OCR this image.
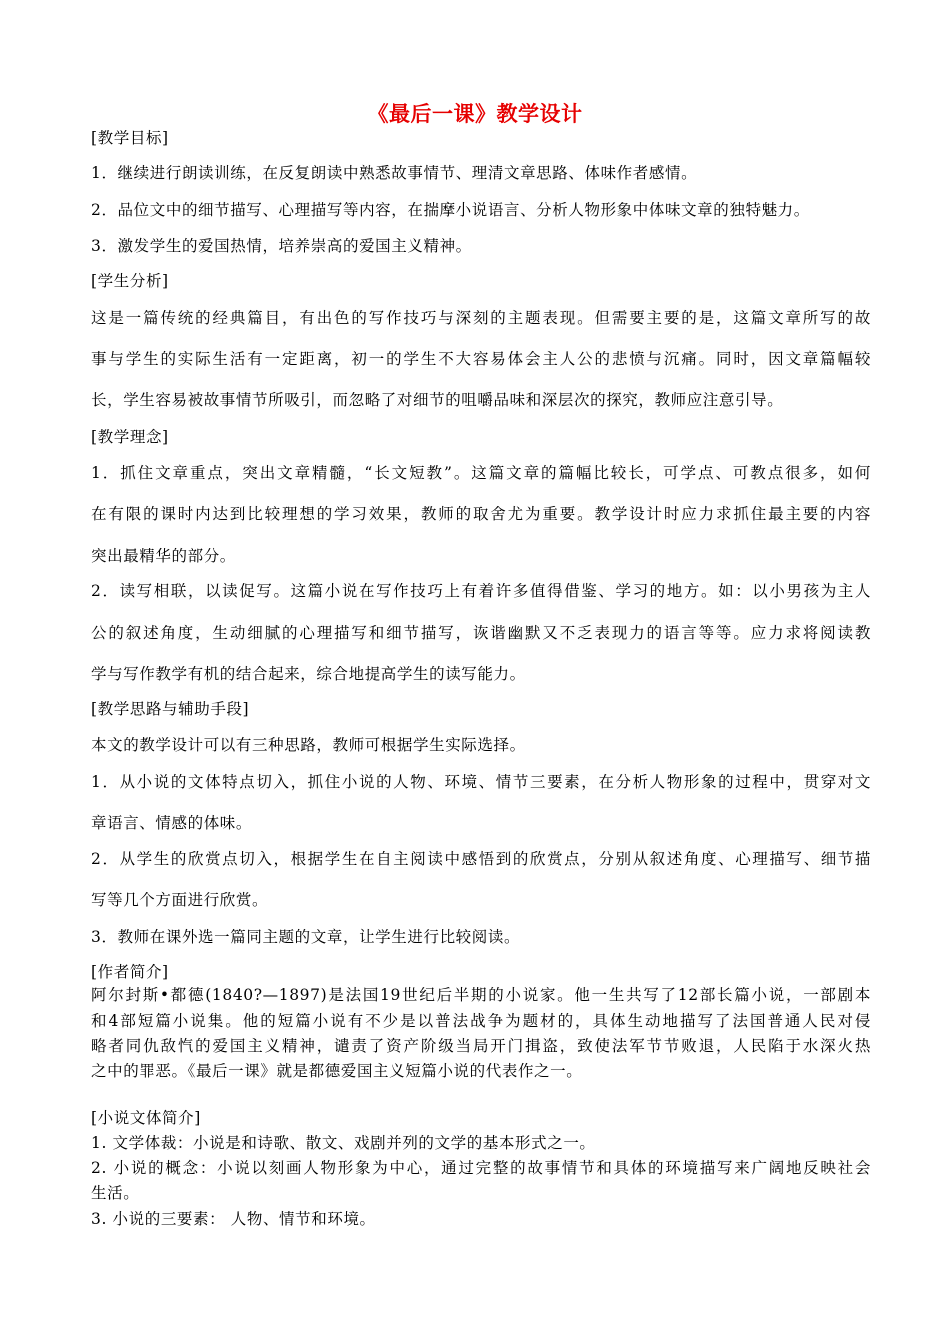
《最后一课》教学设计
[教学目标]
1．继续进行朗读训练，在反复朗读中熟悉故事情节、理清文章思路、体味作者感情。
2．品位文中的细节描写、心理描写等内容，在揣摩小说语言、分析人物形象中体味文章的独特魅力。
3．激发学生的爱国热情，培养崇高的爱国主义精神。
[学生分析]
这是一篇传统的经典篇目，有出色的写作技巧与深刻的主题表现。但需要主要的是，这篇文章所写的故
事与学生的实际生活有一定距离，初一的学生不大容易体会主人公的悲愤与沉痛。同时，因文章篇幅较
长，学生容易被故事情节所吸引，而忽略了对细节的咀嚼品味和深层次的探究，教师应注意引导。
[教学理念]
1．抓住文章重点，突出文章精髓，“长文短教”。这篇文章的篇幅比较长，可学点、可教点很多，如何
在有限的课时内达到比较理想的学习效果，教师的取舍尤为重要。教学设计时应力求抓住最主要的内容
突出最精华的部分。
2．读写相联，以读促写。这篇小说在写作技巧上有着许多值得借鉴、学习的地方。如：以小男孩为主人
公的叙述角度，生动细腻的心理描写和细节描写，诙谐幽默又不乏表现力的语言等等。应力求将阅读教
学与写作教学有机的结合起来，综合地提高学生的读写能力。
[教学思路与辅助手段]
本文的教学设计可以有三种思路，教师可根据学生实际选择。
1．从小说的文体特点切入，抓住小说的人物、环境、情节三要素，在分析人物形象的过程中，贯穿对文
章语言、情感的体味。
2．从学生的欣赏点切入，根据学生在自主阅读中感悟到的欣赏点，分别从叙述角度、心理描写、细节描
写等几个方面进行欣赏。
3．教师在课外选一篇同主题的文章，让学生进行比较阅读。
[作者简介]
阿尔封斯•都德(1840?—1897)是法国19世纪后半期的小说家。他一生共写了12部长篇小说，一部剧本
和4部短篇小说集。他的短篇小说有不少是以普法战争为题材的，具体生动地描写了法国普通人民对侵
略者同仇敌忾的爱国主义精神，谴责了资产阶级当局开门揖盗，致使法军节节败退，人民陷于水深火热
之中的罪恶。《最后一课》就是都德爱国主义短篇小说的代表作之一。
[小说文体简介]
1. 文学体裁：小说是和诗歌、散文、戏剧并列的文学的基本形式之一。
2. 小说的概念：小说以刻画人物形象为中心，通过完整的故事情节和具体的环境描写来广阔地反映社会
生活。
3. 小说的三要素： 人物、情节和环境。
